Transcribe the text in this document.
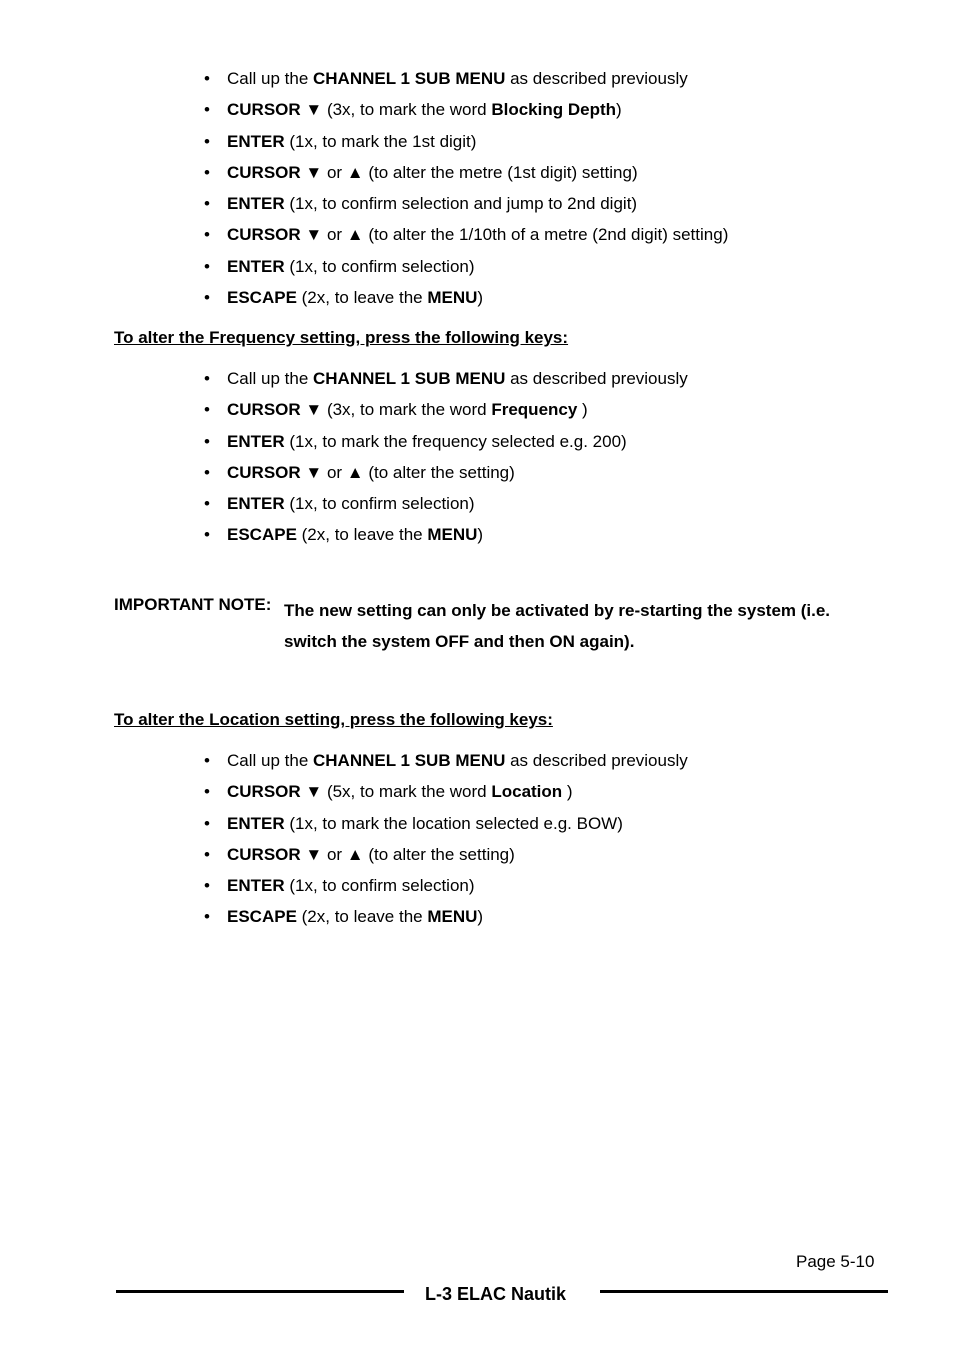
• Call up the CHANNEL 1 SUB MENU as described previously
• CURSOR ▼ (3x, to mark the word Blocking Depth)
• ENTER (1x, to mark the 1st digit)
• CURSOR ▼ or ▲ (to alter the metre (1st digit) setting)
• ENTER (1x, to confirm selection and jump to 2nd digit)
• CURSOR ▼ or ▲ (to alter the 1/10th of a metre (2nd digit) setting)
• ENTER (1x, to confirm selection)
• ESCAPE (2x, to leave the MENU)
To alter the Frequency setting, press the following keys:
• Call up the CHANNEL 1 SUB MENU as described previously
• CURSOR ▼ (3x, to mark the word Frequency )
• ENTER (1x, to mark the frequency selected e.g. 200)
• CURSOR ▼ or ▲ (to alter the setting)
• ENTER (1x, to confirm selection)
• ESCAPE (2x, to leave the MENU)
IMPORTANT NOTE: The new setting can only be activated by re-starting the system (i.e. switch the system OFF and then ON again).
To alter the Location setting, press the following keys:
• Call up the CHANNEL 1 SUB MENU as described previously
• CURSOR ▼ (5x, to mark the word Location )
• ENTER (1x, to mark the location selected e.g. BOW)
• CURSOR ▼ or ▲ (to alter the setting)
• ENTER (1x, to confirm selection)
• ESCAPE (2x, to leave the MENU)
Page 5-10
L-3 ELAC Nautik
